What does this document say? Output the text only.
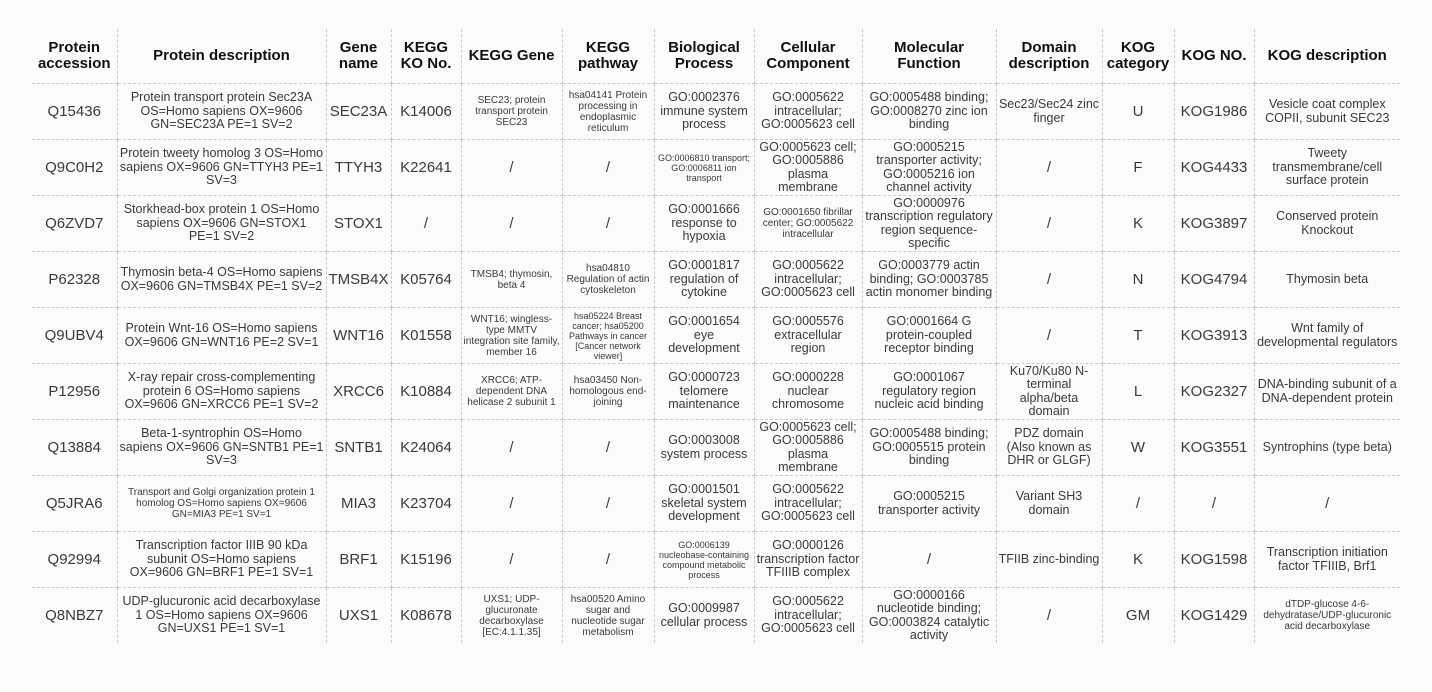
Protein accession	Protein description	Gene name	KEGG KO No.	KEGG Gene	KEGG pathway	Biological Process	Cellular Component	Molecular Function	Domain description	KOG category	KOG NO.	KOG description
Q15436	Protein transport protein Sec23A OS=Homo sapiens OX=9606 GN=SEC23A PE=1 SV=2	SEC23A	K14006	SEC23; protein transport protein SEC23	hsa04141 Protein processing in endoplasmic reticulum	GO:0002376 immune system process	GO:0005622 intracellular; GO:0005623 cell	GO:0005488 binding; GO:0008270 zinc ion binding	Sec23/Sec24 zinc finger	U	KOG1986	Vesicle coat complex COPII, subunit SEC23
Q9C0H2	Protein tweety homolog 3 OS=Homo sapiens OX=9606 GN=TTYH3 PE=1 SV=3	TTYH3	K22641	/	/	GO:0006810 transport; GO:0006811 ion transport	GO:0005623 cell; GO:0005886 plasma membrane	GO:0005215 transporter activity; GO:0005216 ion channel activity	/	F	KOG4433	Tweety transmembrane/cell surface protein
Q6ZVD7	Storkhead-box protein 1 OS=Homo sapiens OX=9606 GN=STOX1 PE=1 SV=2	STOX1	/	/	/	GO:0001666 response to hypoxia	GO:0001650 fibrillar center; GO:0005622 intracellular	GO:0000976 transcription regulatory region sequence-specific	/	K	KOG3897	Conserved protein Knockout
P62328	Thymosin beta-4 OS=Homo sapiens OX=9606 GN=TMSB4X PE=1 SV=2	TMSB4X	K05764	TMSB4; thymosin, beta 4	hsa04810 Regulation of actin cytoskeleton	GO:0001817 regulation of cytokine	GO:0005622 intracellular; GO:0005623 cell	GO:0003779 actin binding; GO:0003785 actin monomer binding	/	N	KOG4794	Thymosin beta
Q9UBV4	Protein Wnt-16 OS=Homo sapiens OX=9606 GN=WNT16 PE=2 SV=1	WNT16	K01558	WNT16; wingless-type MMTV integration site family, member 16	hsa05224 Breast cancer; hsa05200 Pathways in cancer [Cancer network viewer]	GO:0001654 eye development	GO:0005576 extracellular region	GO:0001664 G protein-coupled receptor binding	/	T	KOG3913	Wnt family of developmental regulators
P12956	X-ray repair cross-complementing protein 6 OS=Homo sapiens OX=9606 GN=XRCC6 PE=1 SV=2	XRCC6	K10884	XRCC6; ATP-dependent DNA helicase 2 subunit 1	hsa03450 Non-homologous end-joining	GO:0000723 telomere maintenance	GO:0000228 nuclear chromosome	GO:0001067 regulatory region nucleic acid binding	Ku70/Ku80 N-terminal alpha/beta domain	L	KOG2327	DNA-binding subunit of a DNA-dependent protein
Q13884	Beta-1-syntrophin OS=Homo sapiens OX=9606 GN=SNTB1 PE=1 SV=3	SNTB1	K24064	/	/	GO:0003008 system process	GO:0005623 cell; GO:0005886 plasma membrane	GO:0005488 binding; GO:0005515 protein binding	PDZ domain (Also known as DHR or GLGF)	W	KOG3551	Syntrophins (type beta)
Q5JRA6	Transport and Golgi organization protein 1 homolog OS=Homo sapiens OX=9606 GN=MIA3 PE=1 SV=1	MIA3	K23704	/	/	GO:0001501 skeletal system development	GO:0005622 intracellular; GO:0005623 cell	GO:0005215 transporter activity	Variant SH3 domain	/	/	/
Q92994	Transcription factor IIIB 90 kDa subunit OS=Homo sapiens OX=9606 GN=BRF1 PE=1 SV=1	BRF1	K15196	/	/	GO:0006139 nucleobase-containing compound metabolic process	GO:0000126 transcription factor TFIIIB complex	/	TFIIB zinc-binding	K	KOG1598	Transcription initiation factor TFIIIB, Brf1
Q8NBZ7	UDP-glucuronic acid decarboxylase 1 OS=Homo sapiens OX=9606 GN=UXS1 PE=1 SV=1	UXS1	K08678	UXS1; UDP-glucuronate decarboxylase [EC:4.1.1.35]	hsa00520 Amino sugar and nucleotide sugar metabolism	GO:0009987 cellular process	GO:0005622 intracellular; GO:0005623 cell	GO:0000166 nucleotide binding; GO:0003824 catalytic activity	/	GM	KOG1429	dTDP-glucose 4-6-dehydratase/UDP-glucuronic acid decarboxylase
